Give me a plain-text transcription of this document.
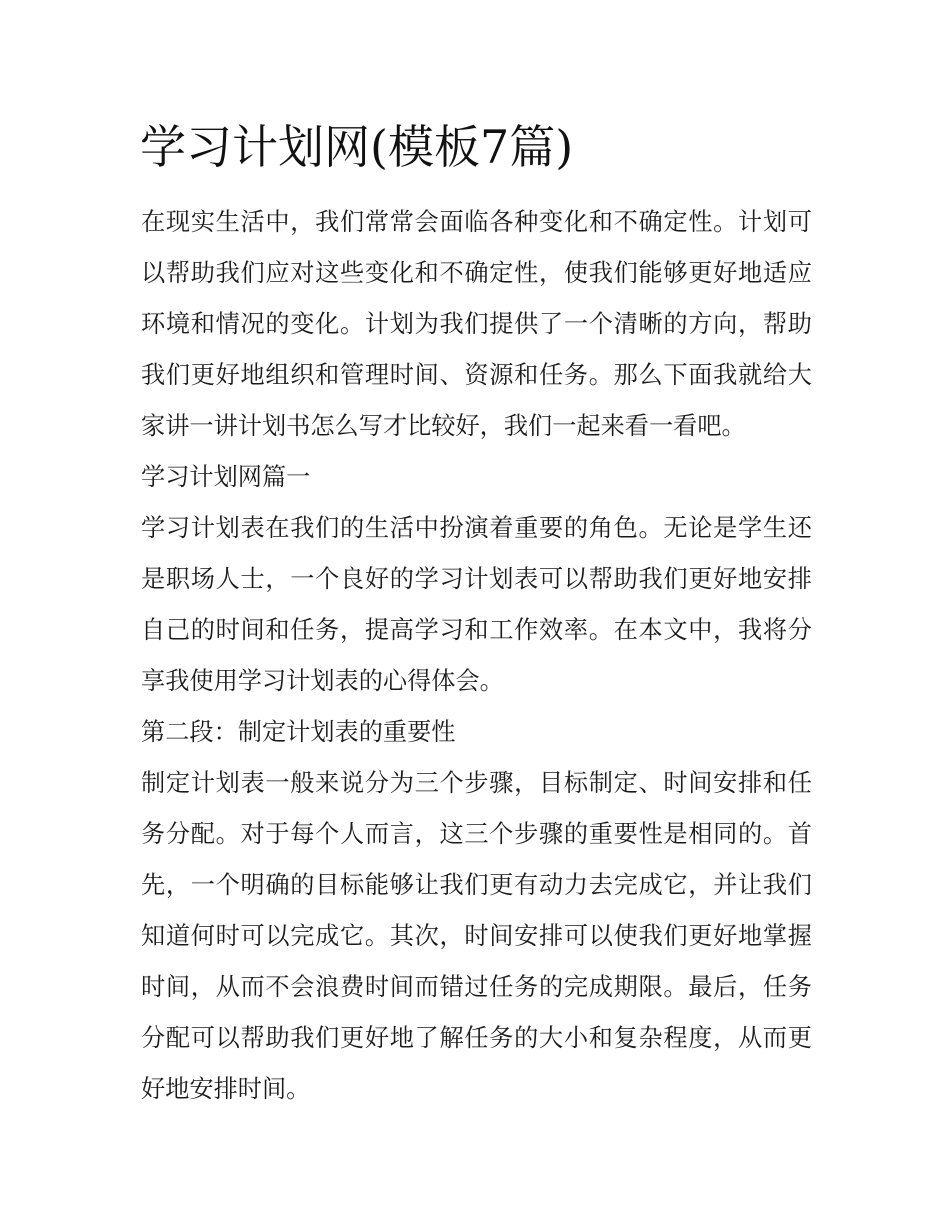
学习计划网(模板7篇)

在现实生活中，我们常常会面临各种变化和不确定性。计划可以帮助我们应对这些变化和不确定性，使我们能够更好地适应环境和情况的变化。计划为我们提供了一个清晰的方向，帮助我们更好地组织和管理时间、资源和任务。那么下面我就给大家讲一讲计划书怎么写才比较好，我们一起来看一看吧。

学习计划网篇一

学习计划表在我们的生活中扮演着重要的角色。无论是学生还是职场人士，一个良好的学习计划表可以帮助我们更好地安排自己的时间和任务，提高学习和工作效率。在本文中，我将分享我使用学习计划表的心得体会。

第二段：制定计划表的重要性

制定计划表一般来说分为三个步骤，目标制定、时间安排和任务分配。对于每个人而言，这三个步骤的重要性是相同的。首先，一个明确的目标能够让我们更有动力去完成它，并让我们知道何时可以完成它。其次，时间安排可以使我们更好地掌握时间，从而不会浪费时间而错过任务的完成期限。最后，任务分配可以帮助我们更好地了解任务的大小和复杂程度，从而更好地安排时间。
